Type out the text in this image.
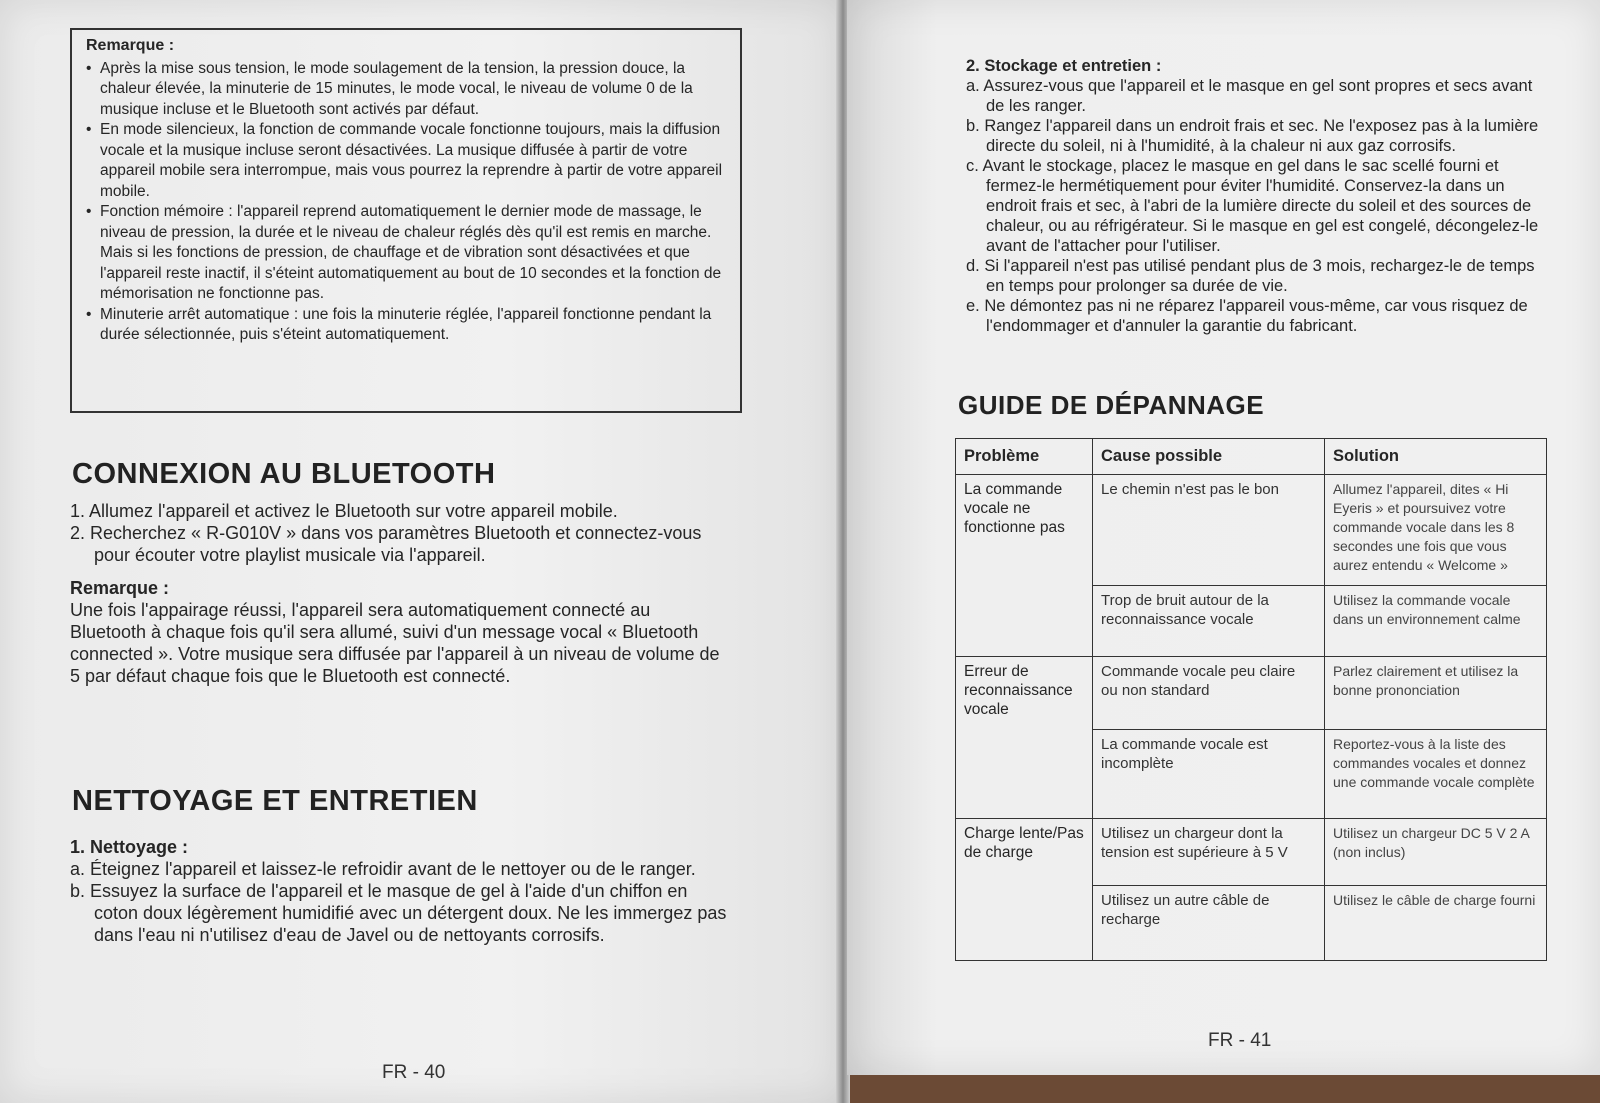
Remarque :
• Après la mise sous tension, le mode soulagement de la tension, la pression douce, la chaleur élevée, la minuterie de 15 minutes, le mode vocal, le niveau de volume 0 de la musique incluse et le Bluetooth sont activés par défaut.
• En mode silencieux, la fonction de commande vocale fonctionne toujours, mais la diffusion vocale et la musique incluse seront désactivées. La musique diffusée à partir de votre appareil mobile sera interrompue, mais vous pourrez la reprendre à partir de votre appareil mobile.
• Fonction mémoire : l'appareil reprend automatiquement le dernier mode de massage, le niveau de pression, la durée et le niveau de chaleur réglés dès qu'il est remis en marche. Mais si les fonctions de pression, de chauffage et de vibration sont désactivées et que l'appareil reste inactif, il s'éteint automatiquement au bout de 10 secondes et la fonction de mémorisation ne fonctionne pas.
• Minuterie arrêt automatique : une fois la minuterie réglée, l'appareil fonctionne pendant la durée sélectionnée, puis s'éteint automatiquement.
CONNEXION AU BLUETOOTH
1. Allumez l'appareil et activez le Bluetooth sur votre appareil mobile.
2. Recherchez « R-G010V » dans vos paramètres Bluetooth et connectez-vous pour écouter votre playlist musicale via l'appareil.
Remarque :
Une fois l'appairage réussi, l'appareil sera automatiquement connecté au Bluetooth à chaque fois qu'il sera allumé, suivi d'un message vocal « Bluetooth connected ». Votre musique sera diffusée par l'appareil à un niveau de volume de 5 par défaut chaque fois que le Bluetooth est connecté.
NETTOYAGE ET ENTRETIEN
1. Nettoyage :
a. Éteignez l'appareil et laissez-le refroidir avant de le nettoyer ou de le ranger.
b. Essuyez la surface de l'appareil et le masque de gel à l'aide d'un chiffon en coton doux légèrement humidifié avec un détergent doux. Ne les immergez pas dans l'eau ni n'utilisez d'eau de Javel ou de nettoyants corrosifs.
FR - 40
2. Stockage et entretien :
a. Assurez-vous que l'appareil et le masque en gel sont propres et secs avant de les ranger.
b. Rangez l'appareil dans un endroit frais et sec. Ne l'exposez pas à la lumière directe du soleil, ni à l'humidité, à la chaleur ni aux gaz corrosifs.
c. Avant le stockage, placez le masque en gel dans le sac scellé fourni et fermez-le hermétiquement pour éviter l'humidité. Conservez-la dans un endroit frais et sec, à l'abri de la lumière directe du soleil et des sources de chaleur, ou au réfrigérateur. Si le masque en gel est congelé, décongelez-le avant de l'attacher pour l'utiliser.
d. Si l'appareil n'est pas utilisé pendant plus de 3 mois, rechargez-le de temps en temps pour prolonger sa durée de vie.
e. Ne démontez pas ni ne réparez l'appareil vous-même, car vous risquez de l'endommager et d'annuler la garantie du fabricant.
GUIDE DE DÉPANNAGE
Problème	Cause possible	Solution
La commande vocale ne fonctionne pas	Le chemin n'est pas le bon	Allumez l'appareil, dites « Hi Eyeris » et poursuivez votre commande vocale dans les 8 secondes une fois que vous aurez entendu « Welcome »
	Trop de bruit autour de la reconnaissance vocale	Utilisez la commande vocale dans un environnement calme
Erreur de reconnaissance vocale	Commande vocale peu claire ou non standard	Parlez clairement et utilisez la bonne prononciation
	La commande vocale est incomplète	Reportez-vous à la liste des commandes vocales et donnez une commande vocale complète
Charge lente/Pas de charge	Utilisez un chargeur dont la tension est supérieure à 5 V	Utilisez un chargeur DC 5 V 2 A (non inclus)
	Utilisez un autre câble de recharge	Utilisez le câble de charge fourni
FR - 41
